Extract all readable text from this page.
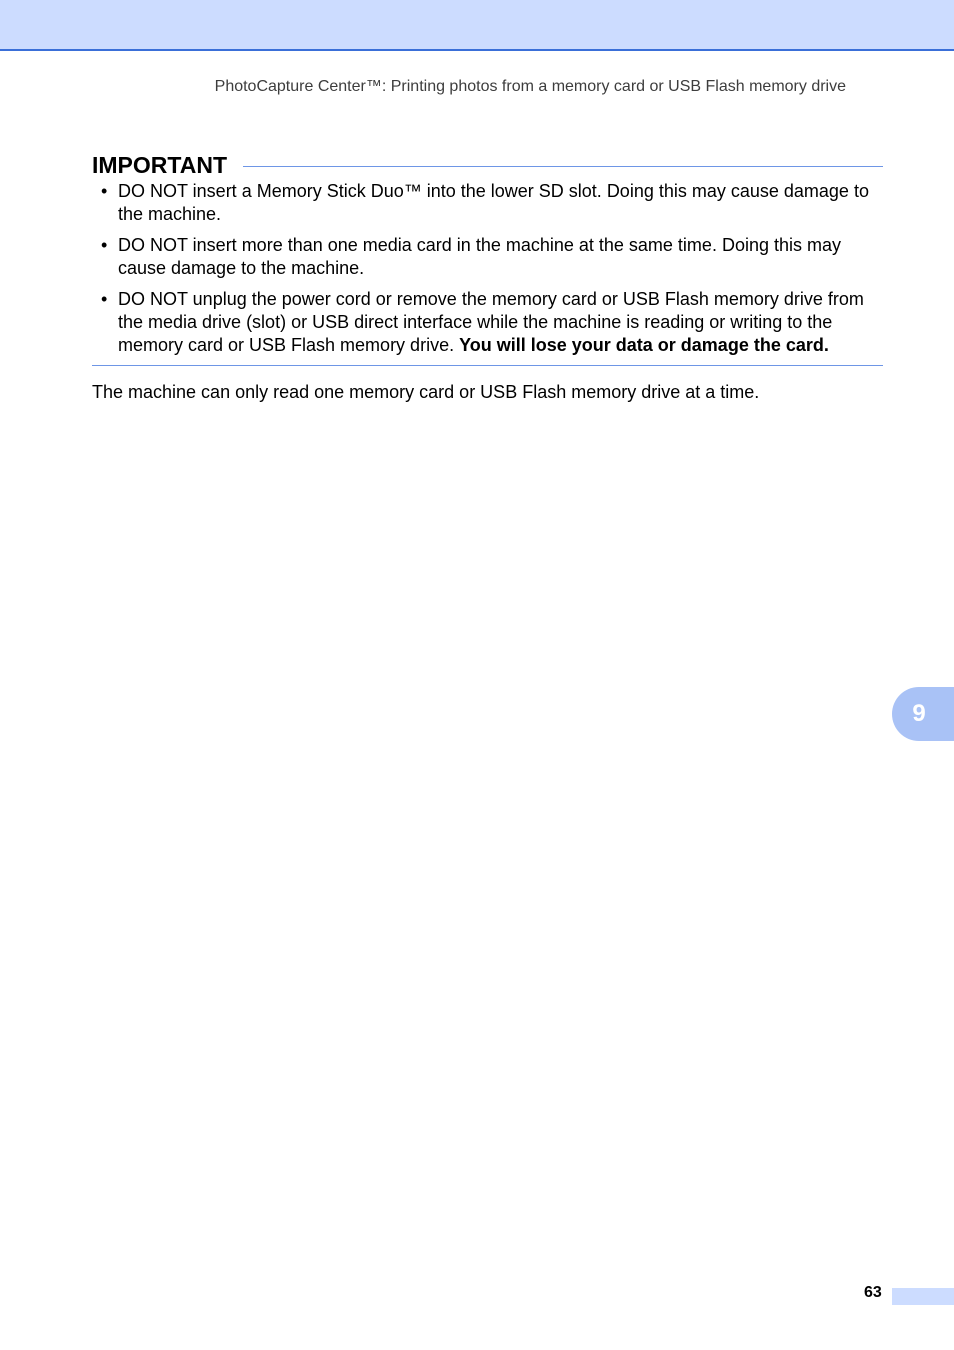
PhotoCapture Center™: Printing photos from a memory card or USB Flash memory drive
IMPORTANT
• DO NOT insert a Memory Stick Duo™ into the lower SD slot. Doing this may cause damage to the machine.
• DO NOT insert more than one media card in the machine at the same time. Doing this may cause damage to the machine.
• DO NOT unplug the power cord or remove the memory card or USB Flash memory drive from the media drive (slot) or USB direct interface while the machine is reading or writing to the memory card or USB Flash memory drive. You will lose your data or damage the card.

The machine can only read one memory card or USB Flash memory drive at a time.

9
63
